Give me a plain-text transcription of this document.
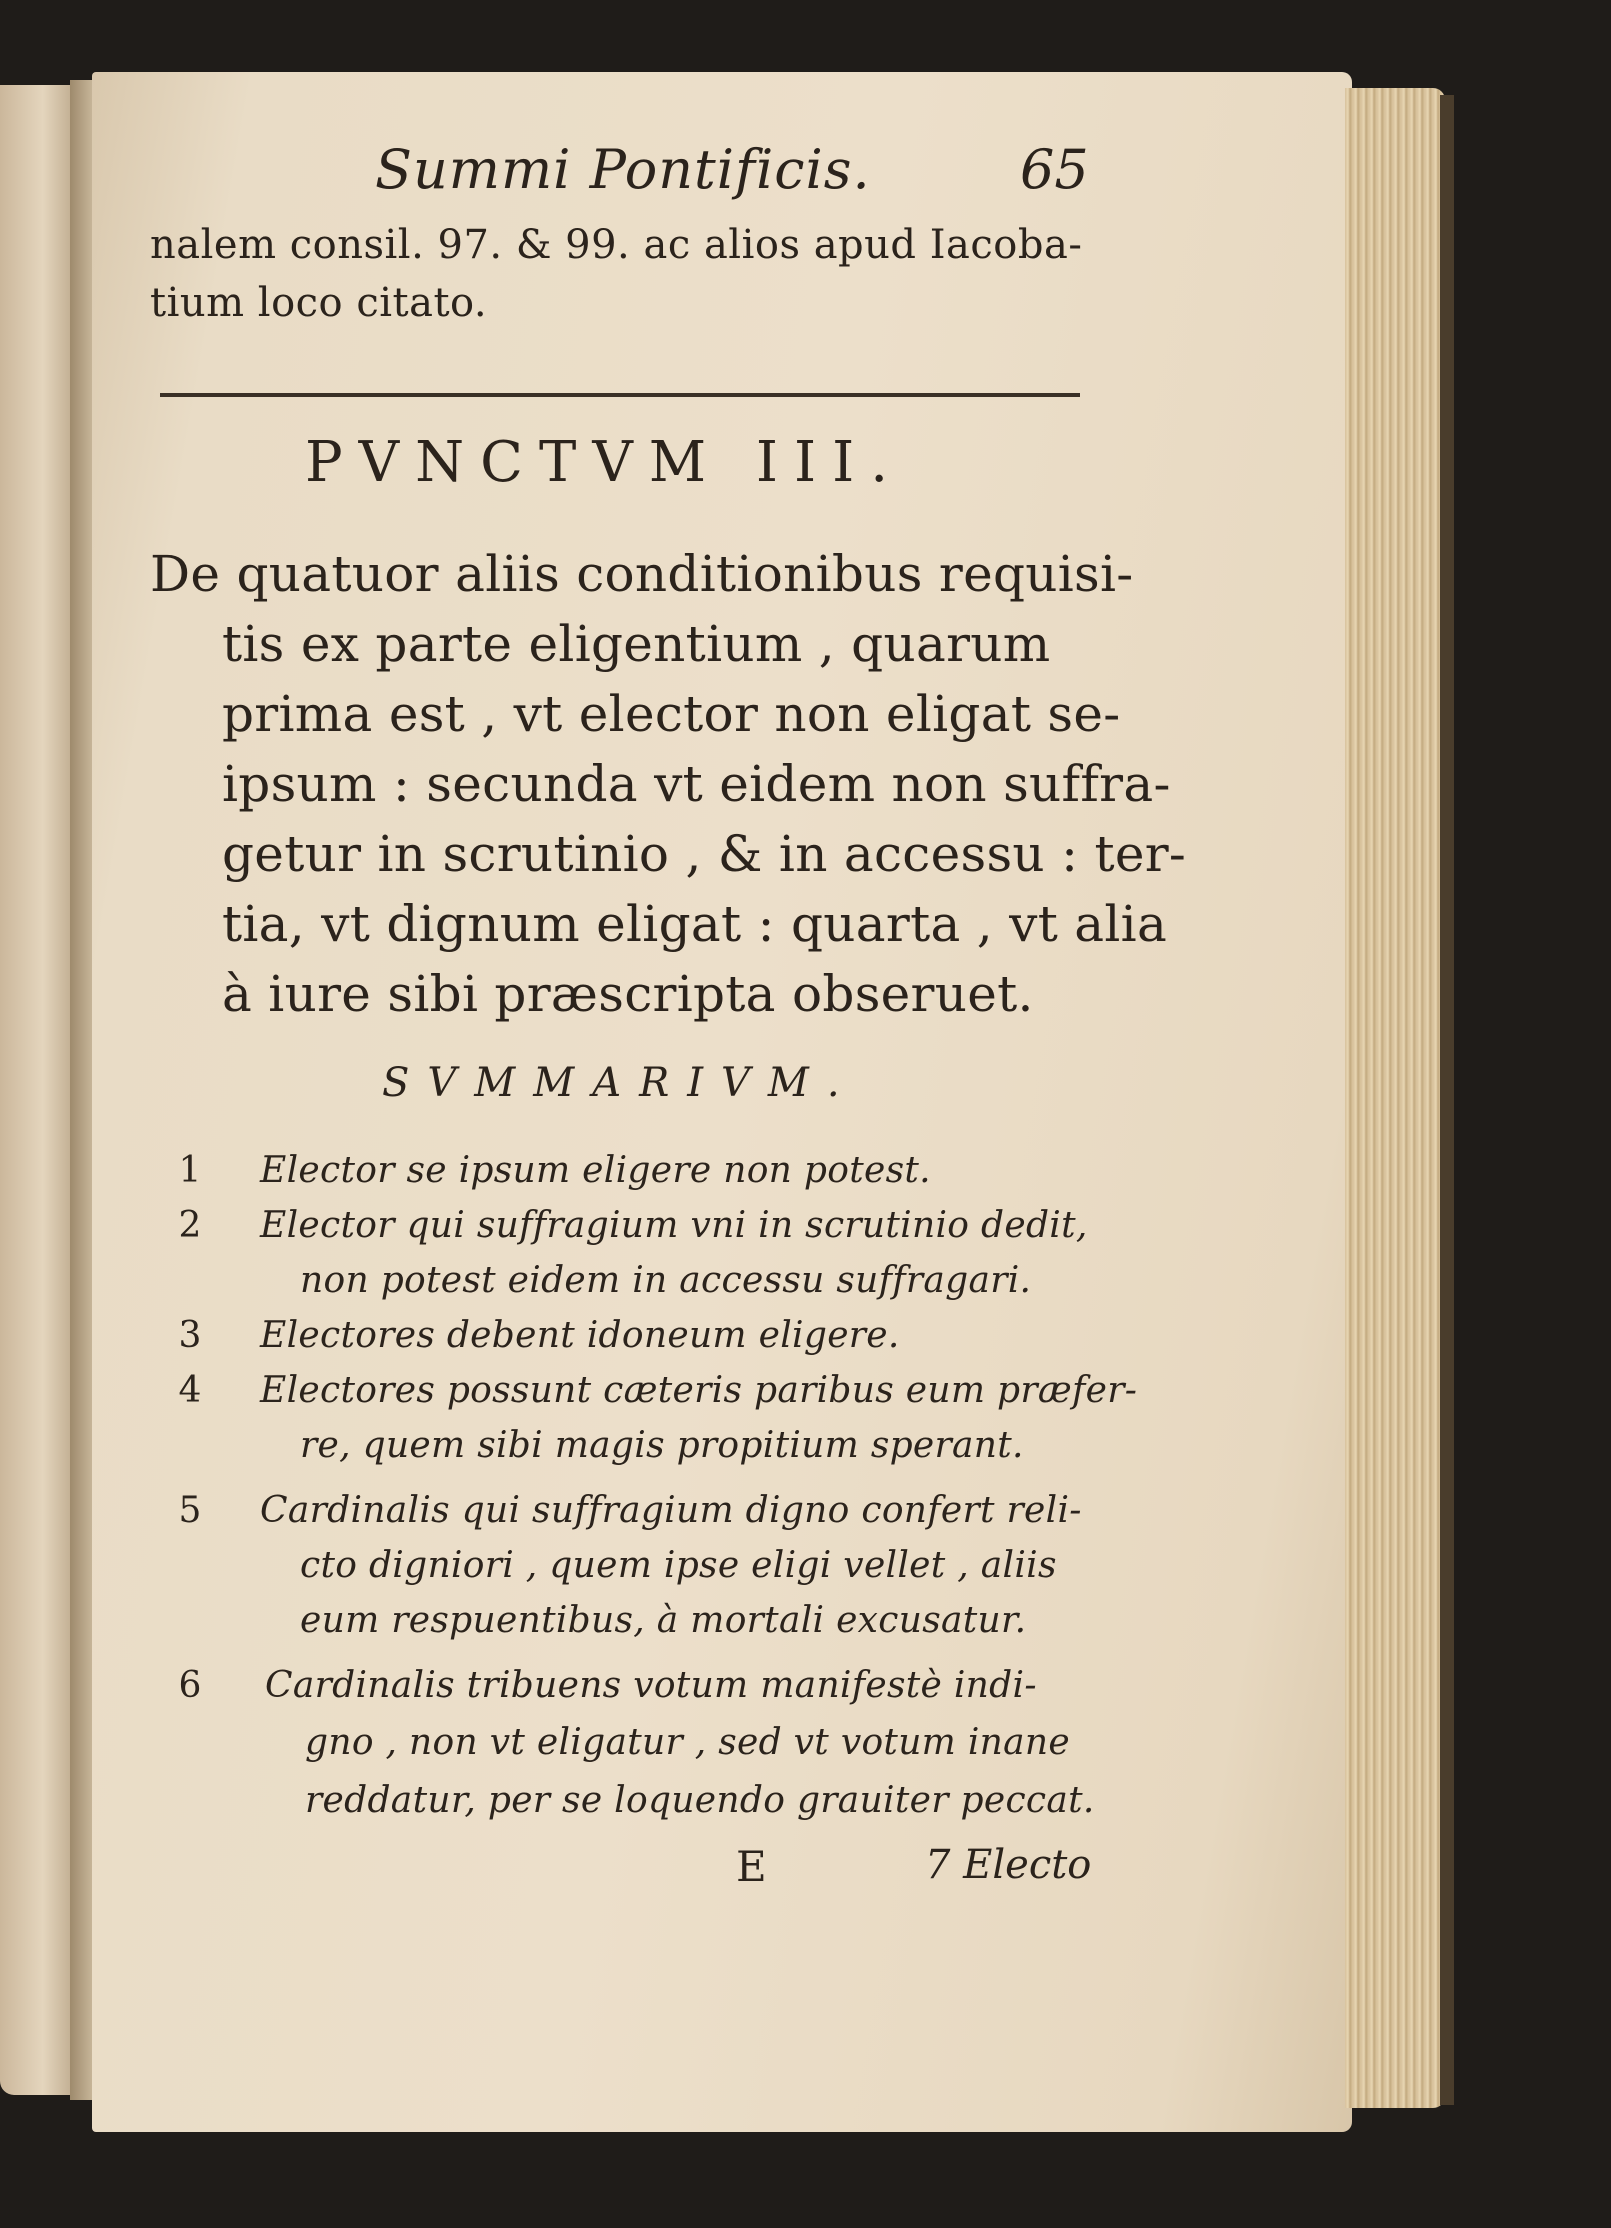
Summi Pontificis.	65
nalem consil. 97. & 99. ac alios apud Iacoba-
tium loco citato.
PVNCTVM III.
De quatuor aliis conditionibus requisi-
tis ex parte eligentium , quarum
prima est , vt elector non eligat se-
ipsum : secunda vt eidem non suffra-
getur in scrutinio , & in accessu : ter-
tia, vt dignum eligat : quarta , vt alia
à iure sibi præscripta obseruet.
SVMMARIVM.
1 Elector se ipsum eligere non potest.
2 Elector qui suffragium vni in scrutinio dedit,
non potest eidem in accessu suffragari.
3 Electores debent idoneum eligere.
4 Electores possunt cæteris paribus eum præfer-
re, quem sibi magis propitium sperant.
5 Cardinalis qui suffragium digno confert reli-
cto digniori , quem ipse eligi vellet , aliis
eum respuentibus, à mortali excusatur.
6 Cardinalis tribuens votum manifestè indi-
gno , non vt eligatur , sed vt votum inane
reddatur, per se loquendo grauiter peccat.
E	7 Electo
